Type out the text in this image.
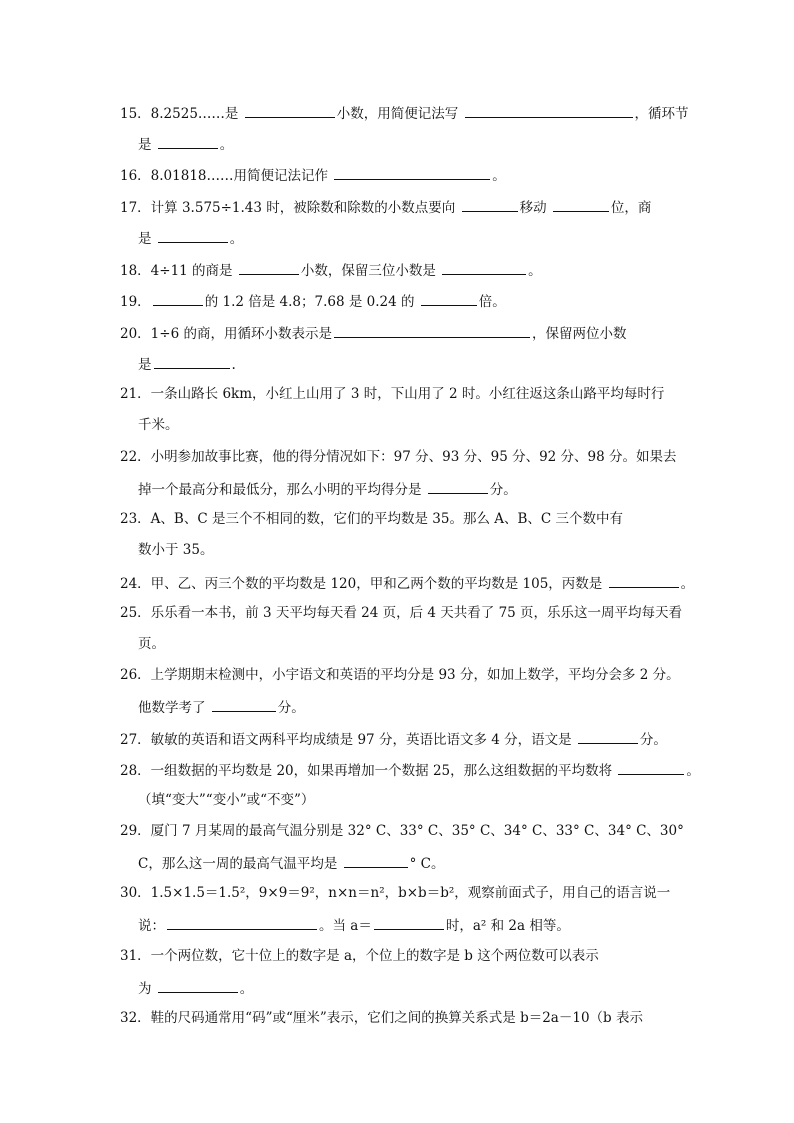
15．8.2525……是	小数，用简便记法写	，循环节
是	。
16．8.01818……用简便记法记作	。
17．计算 3.575÷1.43 时，被除数和除数的小数点要向	移动	位，商
是	。
18．4÷11 的商是	小数，保留三位小数是	。
19．	的 1.2 倍是 4.8；7.68 是 0.24 的	倍。
20．1÷6 的商，用循环小数表示是	，保留两位小数
是	.
21．一条山路长 6km，小红上山用了 3 时，下山用了 2 时。小红往返这条山路平均每时行
千米。
22．小明参加故事比赛，他的得分情况如下：97 分、93 分、95 分、92 分、98 分。如果去
掉一个最高分和最低分，那么小明的平均得分是	分。
23．A、B、C 是三个不相同的数，它们的平均数是 35。那么 A、B、C 三个数中有
数小于 35。
24．甲、乙、丙三个数的平均数是 120，甲和乙两个数的平均数是 105，丙数是	。
25．乐乐看一本书，前 3 天平均每天看 24 页，后 4 天共看了 75 页，乐乐这一周平均每天看
页。
26．上学期期末检测中，小宇语文和英语的平均分是 93 分，如加上数学，平均分会多 2 分。
他数学考了	分。
27．敏敏的英语和语文两科平均成绩是 97 分，英语比语文多 4 分，语文是	分。
28．一组数据的平均数是 20，如果再增加一个数据 25，那么这组数据的平均数将	。
（填“变大”“变小”或“不变”）
29．厦门 7 月某周的最高气温分别是 32° C、33° C、35° C、34° C、33° C、34° C、30°
C，那么这一周的最高气温平均是	° C。
30．1.5×1.5＝1.5²，9×9＝9²，n×n＝n²，b×b＝b²，观察前面式子，用自己的语言说一
说：	。当 a＝	时，a² 和 2a 相等。
31．一个两位数，它十位上的数字是 a，个位上的数字是 b 这个两位数可以表示
为	。
32．鞋的尺码通常用“码”或“厘米”表示，它们之间的换算关系式是 b＝2a－10（b 表示
